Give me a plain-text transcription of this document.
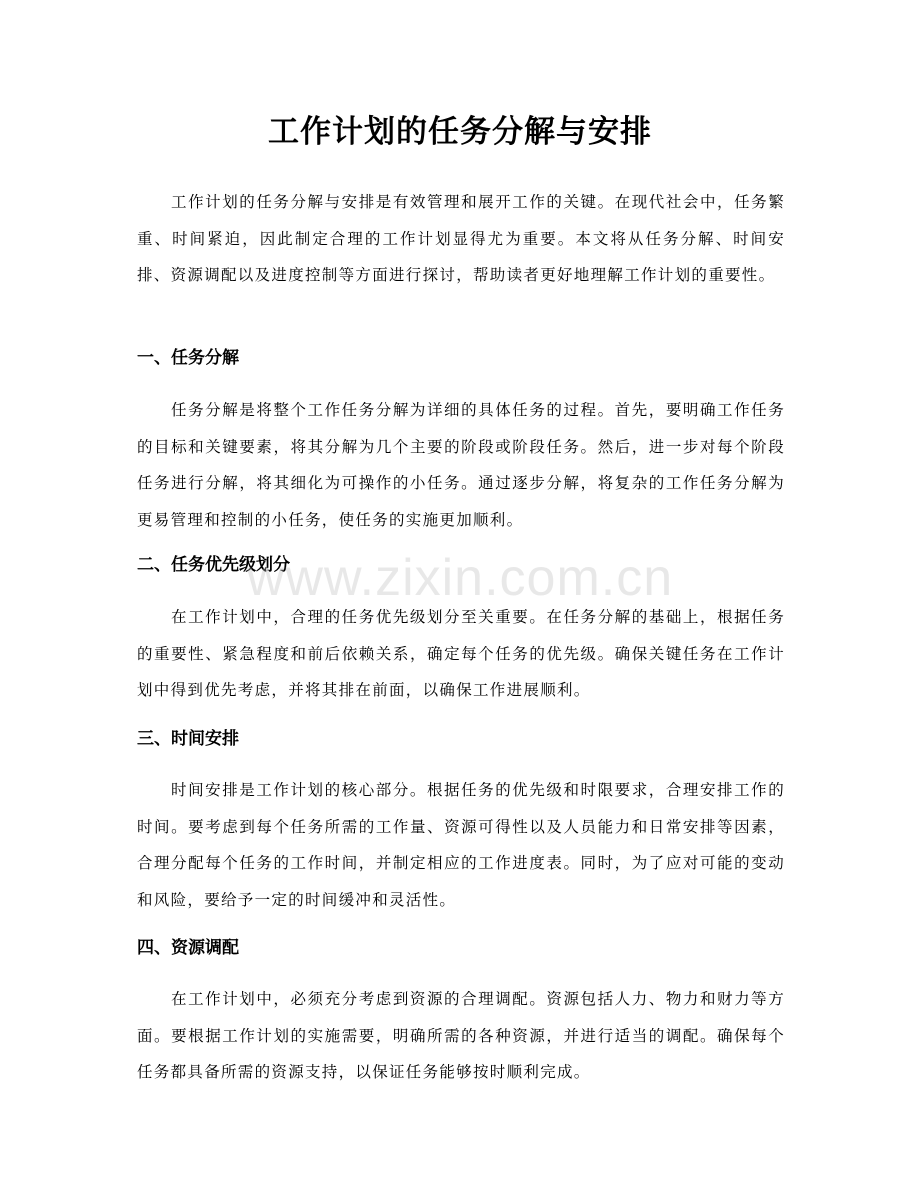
工作计划的任务分解与安排

工作计划的任务分解与安排是有效管理和展开工作的关键。在现代社会中，任务繁重、时间紧迫，因此制定合理的工作计划显得尤为重要。本文将从任务分解、时间安排、资源调配以及进度控制等方面进行探讨，帮助读者更好地理解工作计划的重要性。

一、任务分解

任务分解是将整个工作任务分解为详细的具体任务的过程。首先，要明确工作任务的目标和关键要素，将其分解为几个主要的阶段或阶段任务。然后，进一步对每个阶段任务进行分解，将其细化为可操作的小任务。通过逐步分解，将复杂的工作任务分解为更易管理和控制的小任务，使任务的实施更加顺利。

二、任务优先级划分

在工作计划中，合理的任务优先级划分至关重要。在任务分解的基础上，根据任务的重要性、紧急程度和前后依赖关系，确定每个任务的优先级。确保关键任务在工作计划中得到优先考虑，并将其排在前面，以确保工作进展顺利。

三、时间安排

时间安排是工作计划的核心部分。根据任务的优先级和时限要求，合理安排工作的时间。要考虑到每个任务所需的工作量、资源可得性以及人员能力和日常安排等因素，合理分配每个任务的工作时间，并制定相应的工作进度表。同时，为了应对可能的变动和风险，要给予一定的时间缓冲和灵活性。

四、资源调配

在工作计划中，必须充分考虑到资源的合理调配。资源包括人力、物力和财力等方面。要根据工作计划的实施需要，明确所需的各种资源，并进行适当的调配。确保每个任务都具备所需的资源支持，以保证任务能够按时顺利完成。

www.zixin.com.cn
